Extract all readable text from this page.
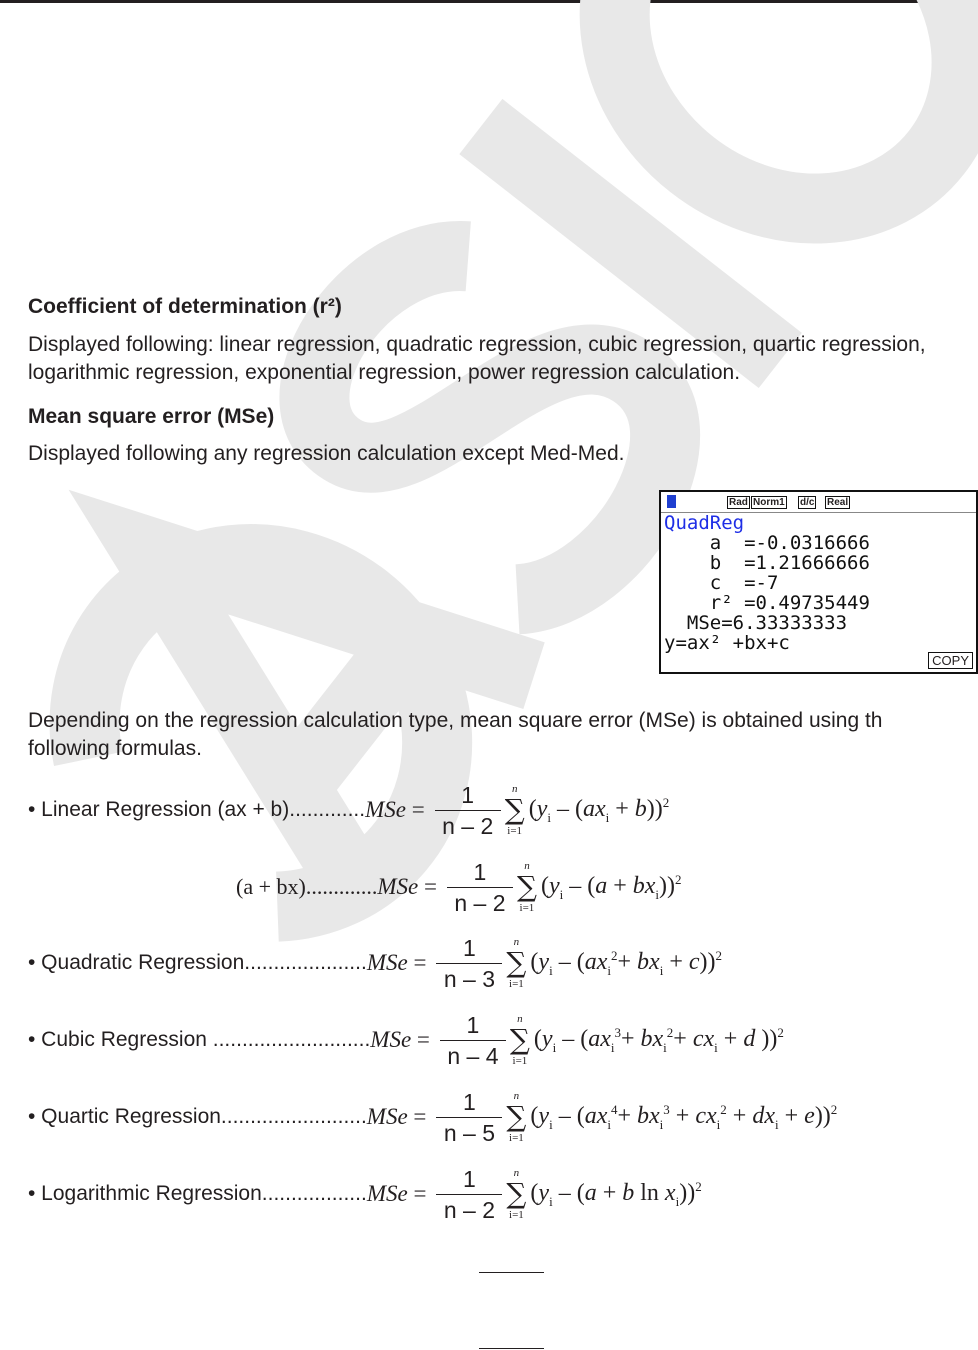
Coefficient of determination (r²)
Displayed following: linear regression, quadratic regression, cubic regression, quartic regression, logarithmic regression, exponential regression, power regression calculation.
Mean square error (MSe)
Displayed following any regression calculation except Med-Med.
Rad Norm1 d/c Real
QuadReg
a  =-0.0316666
b  =1.21666666
c  =-7
r² =0.49735449
MSe=6.33333333
y=ax² +bx+c
COPY
Depending on the regression calculation type, mean square error (MSe) is obtained using th following formulas.
• Linear Regression (ax + b)............. MSe = $\frac{1}{n - 2}$ n
∑
i=1
$(y_i - (ax_i + b))^2$
(a + bx)............. MSe = $\frac{1}{n - 2}$ n
∑
i=1
$(y_i - (a + bx_i))^2$
• Quadratic Regression..................... MSe = $\frac{1}{n - 3}$ n
∑
i=1
$(y_i - (ax_i^2+ bx_i + c))^2$
• Cubic Regression ........................... MSe = $\frac{1}{n - 4}$ n
∑
i=1
($y_i - (ax_i^3+ bx_i^2+ cx_i + d$ ))$^2$
• Quartic Regression......................... MSe = $\frac{1}{n - 5}$ n
∑
i=1
$(y_i - (ax_i^4+ bx_i^3 + cx_i^2 + dx_i + e))^2$
• Logarithmic Regression.................. MSe = $\frac{1}{n - 2}$ n
∑
i=1
($y_i - (a + b$ $\ln x_i))^2$
